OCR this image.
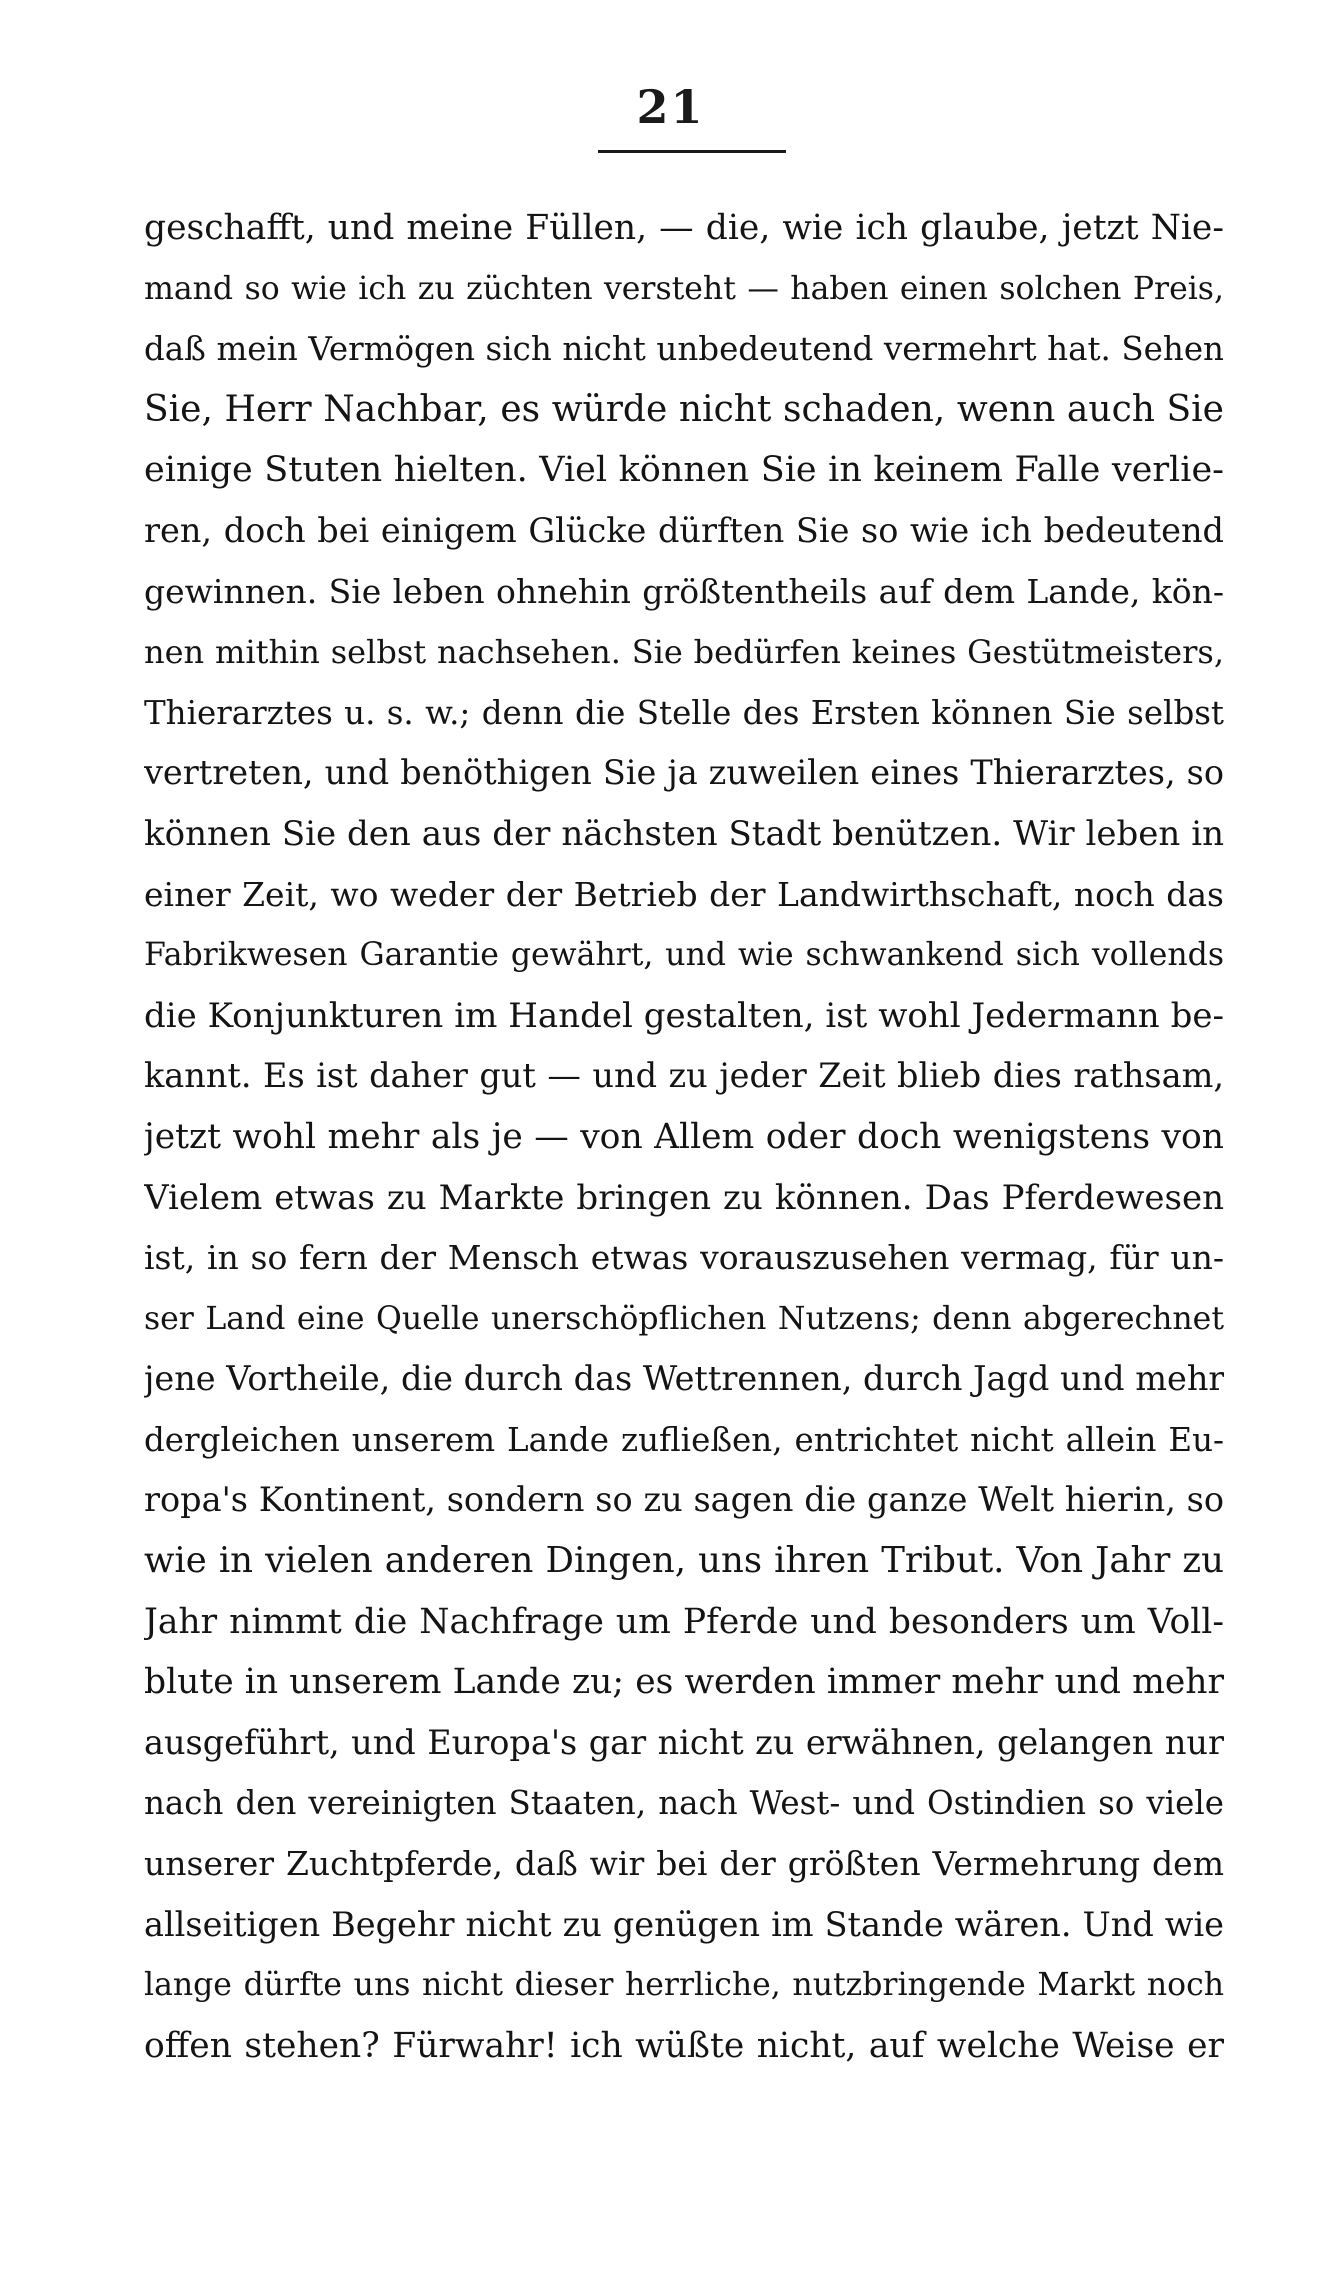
21
geschafft, und meine Füllen, — die, wie ich glaube, jetzt Nie-
mand so wie ich zu züchten versteht — haben einen solchen Preis,
daß mein Vermögen sich nicht unbedeutend vermehrt hat. Sehen
Sie, Herr Nachbar, es würde nicht schaden, wenn auch Sie
einige Stuten hielten. Viel können Sie in keinem Falle verlie-
ren, doch bei einigem Glücke dürften Sie so wie ich bedeutend
gewinnen. Sie leben ohnehin größtentheils auf dem Lande, kön-
nen mithin selbst nachsehen. Sie bedürfen keines Gestütmeisters,
Thierarztes u. s. w.; denn die Stelle des Ersten können Sie selbst
vertreten, und benöthigen Sie ja zuweilen eines Thierarztes, so
können Sie den aus der nächsten Stadt benützen. Wir leben in
einer Zeit, wo weder der Betrieb der Landwirthschaft, noch das
Fabrikwesen Garantie gewährt, und wie schwankend sich vollends
die Konjunkturen im Handel gestalten, ist wohl Jedermann be-
kannt. Es ist daher gut — und zu jeder Zeit blieb dies rathsam,
jetzt wohl mehr als je — von Allem oder doch wenigstens von
Vielem etwas zu Markte bringen zu können. Das Pferdewesen
ist, in so fern der Mensch etwas vorauszusehen vermag, für un-
ser Land eine Quelle unerschöpflichen Nutzens; denn abgerechnet
jene Vortheile, die durch das Wettrennen, durch Jagd und mehr
dergleichen unserem Lande zufließen, entrichtet nicht allein Eu-
ropa's Kontinent, sondern so zu sagen die ganze Welt hierin, so
wie in vielen anderen Dingen, uns ihren Tribut. Von Jahr zu
Jahr nimmt die Nachfrage um Pferde und besonders um Voll-
blute in unserem Lande zu; es werden immer mehr und mehr
ausgeführt, und Europa's gar nicht zu erwähnen, gelangen nur
nach den vereinigten Staaten, nach West- und Ostindien so viele
unserer Zuchtpferde, daß wir bei der größten Vermehrung dem
allseitigen Begehr nicht zu genügen im Stande wären. Und wie
lange dürfte uns nicht dieser herrliche, nutzbringende Markt noch
offen stehen? Fürwahr! ich wüßte nicht, auf welche Weise er
